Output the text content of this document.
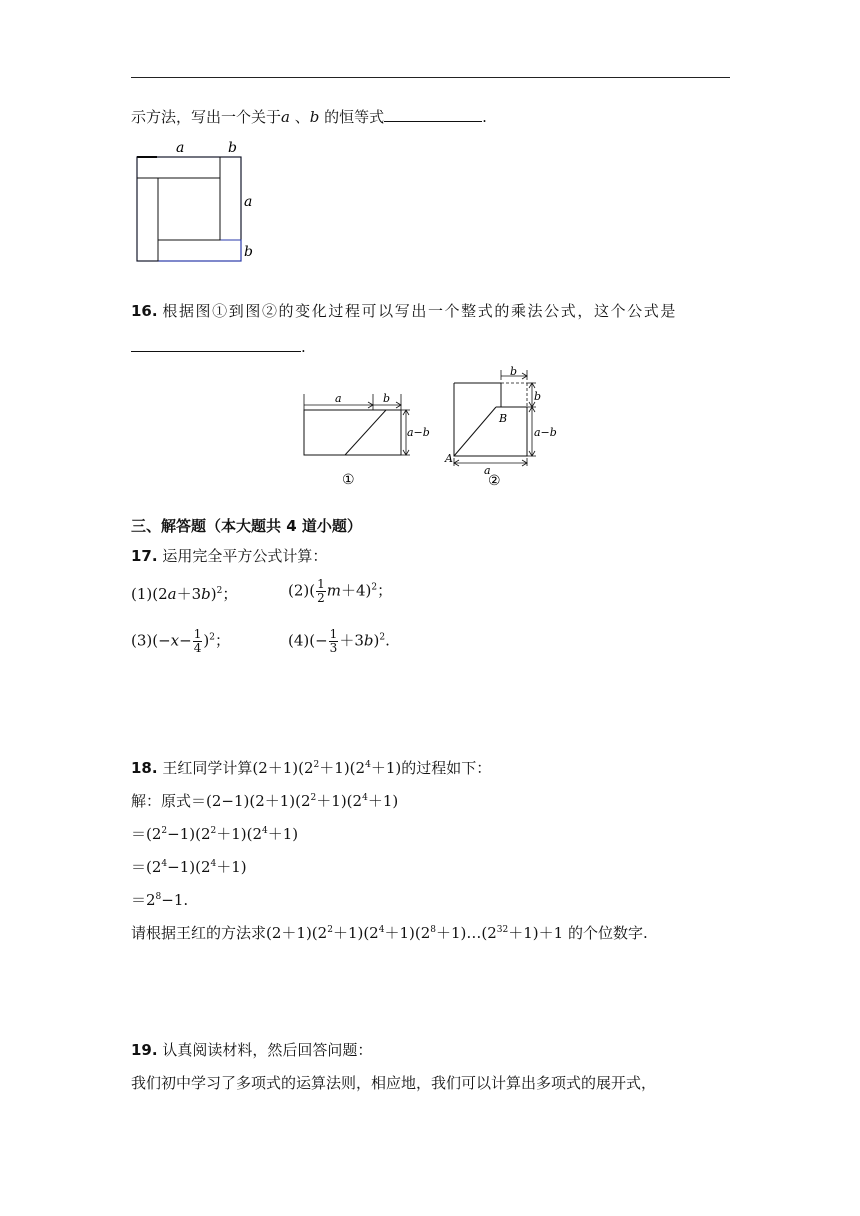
示方法，写出一个关于a 、b 的恒等式	.
a	b
a
b
16. 根据图①到图②的变化过程可以写出一个整式的乘法公式，这个公式是
.
a	b
a−b
①
b
b
B
a−b
A
a
②
三、解答题（本大题共 4 道小题）
17. 运用完全平方公式计算：
$(1)(2a+3b)^2$；	$(2)( \frac{1}{2} m+4)^2$；
$(3)(-x- \frac{1}{4} )^2$；	$(4)(- \frac{1}{3} +3b)^2$.
18. 王红同学计算$(2+1)(2^2+1)(2^4+1)$的过程如下：
解：原式$=(2-1)(2+1)(2^2+1)(2^4+1)$
$=(2^2-1)(2^2+1)(2^4+1)$
$=(2^4-1)(2^4+1)$
$=2^8-1$.
请根据王红的方法求$(2+1)(2^2+1)(2^4+1)(2^8+1)\dots(2^{32}+1)+1$ 的个位数字.
19. 认真阅读材料，然后回答问题：
我们初中学习了多项式的运算法则，相应地，我们可以计算出多项式的展开式，
